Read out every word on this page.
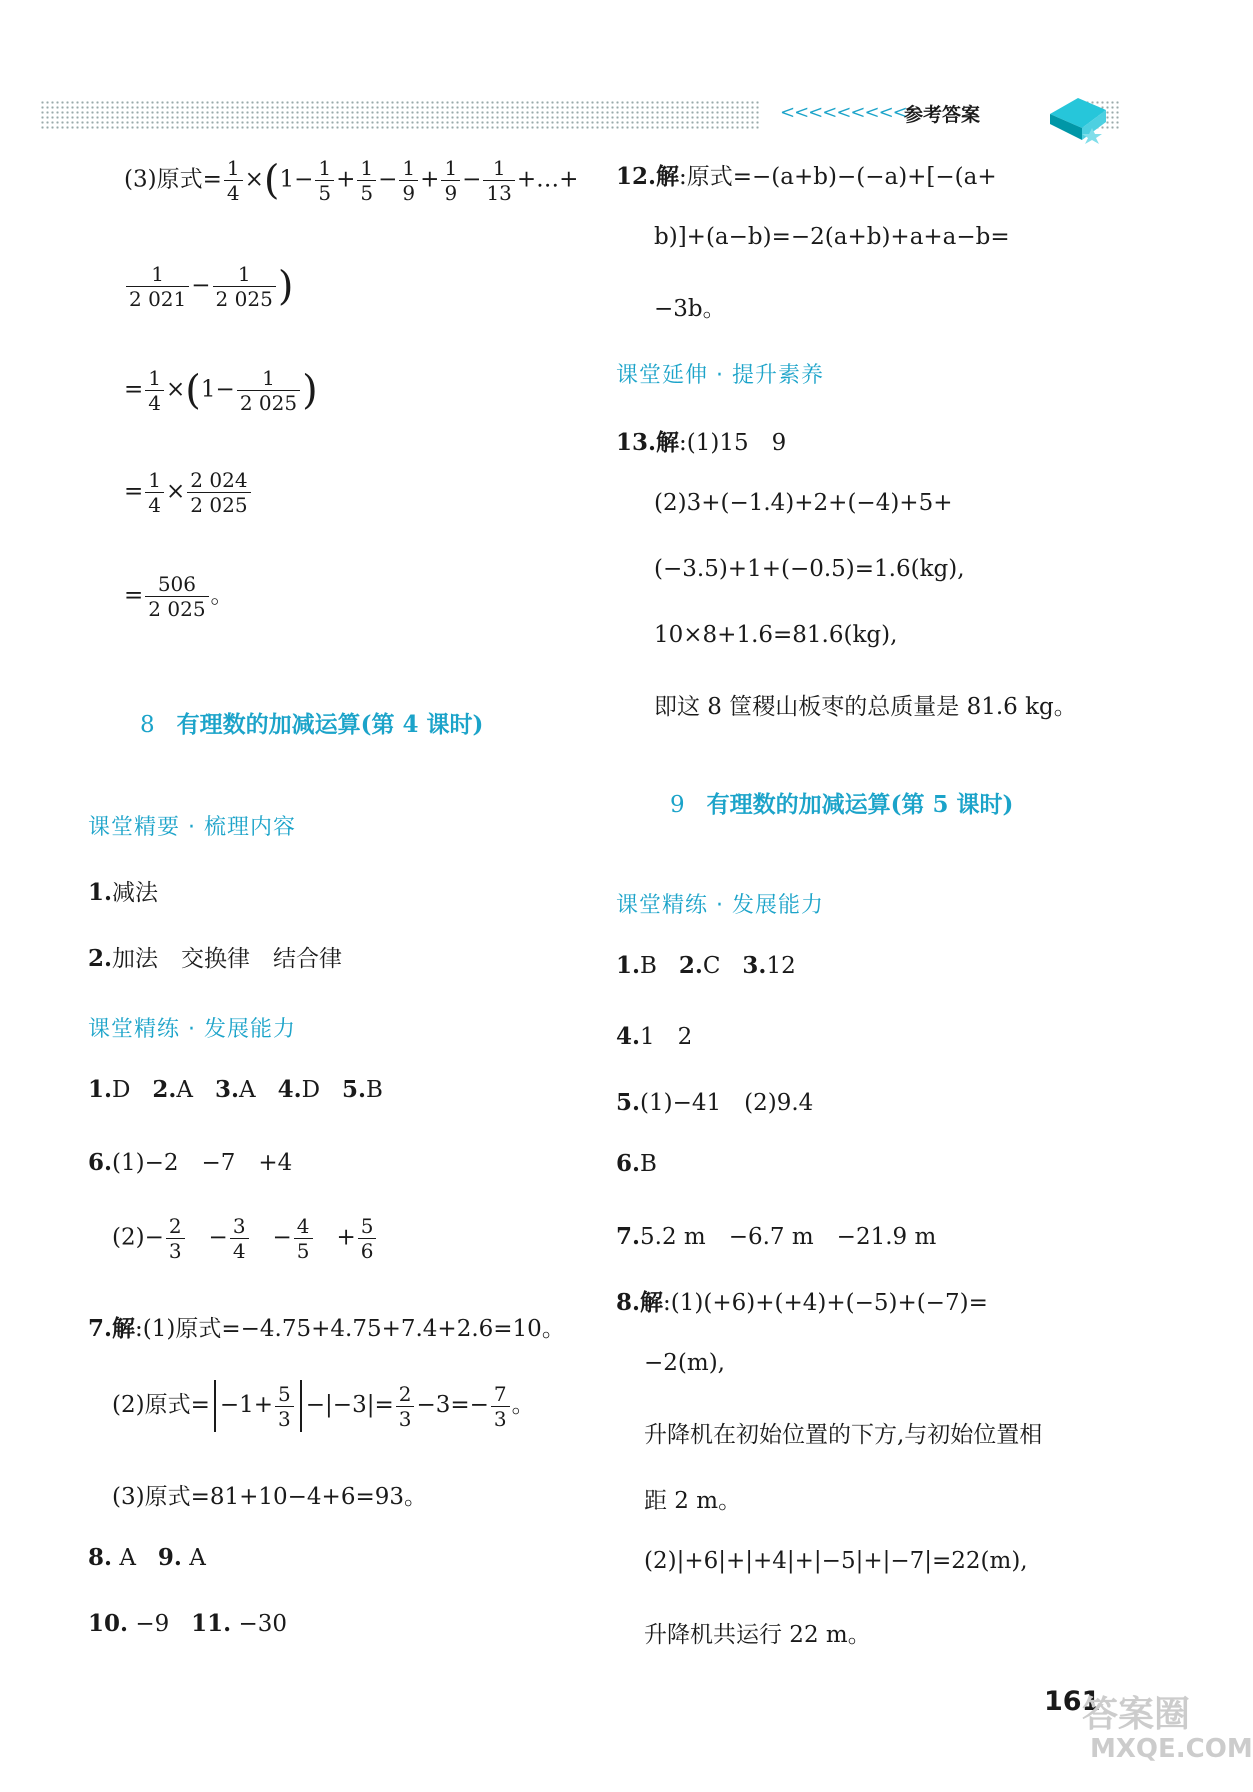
<<<<<<<<<
参考答案
(3)原式= $\frac{1}{4} \times(1- \frac{1}{5} + \frac{1}{5} - \frac{1}{9} + \frac{1}{9} - \frac{1}{13}$ +…+
$\frac{1}{2 021} - \frac{1}{2 025}$ )
= $\frac{1}{4} \times(1- \frac{1}{2 025}$ )
= $\frac{1}{4} \times \frac{2 024}{2 025}$
= $\frac{506}{2 025}$ 。
8 有理数的加减运算(第 4 课时)
课堂精要 · 梳理内容
1.减法
2.加法　交换律　结合律
课堂精练 · 发展能力
1.D 2.A 3.A 4.D 5.B
6.(1)−2　−7　+4
$(2)- \frac{2}{3} - \frac{3}{4} - \frac{4}{5} + \frac{5}{6}$
7.解:(1)原式=−4.75+4.75+7.4+2.6=10。
(2)原式= $-1+ \frac{5}{3} -|-3|= \frac{2}{3} -3=- \frac{7}{3}$ 。
(3)原式=81+10−4+6=93。
8. A 9. A
10. −9 11. −30
12.解:原式=−(a+b)−(−a)+[−(a+
b)]+(a−b)=−2(a+b)+a+a−b=
−3b。
课堂延伸 · 提升素养
13.解:(1)15　9
(2)3+(−1.4)+2+(−4)+5+
(−3.5)+1+(−0.5)=1.6(kg),
10×8+1.6=81.6(kg),
即这 8 筐稷山板枣的总质量是 81.6 kg。
9 有理数的加减运算(第 5 课时)
课堂精练 · 发展能力
1.B 2.C 3.12
4.1　2
5.(1)−41　(2)9.4
6.B
7.5.2 m　−6.7 m　−21.9 m
8.解:(1)(+6)+(+4)+(−5)+(−7)=
−2(m),
升降机在初始位置的下方,与初始位置相
距 2 m。
(2)|+6|+|+4|+|−5|+|−7|=22(m),
升降机共运行 22 m。
161
答案圈
MXQE.COM
